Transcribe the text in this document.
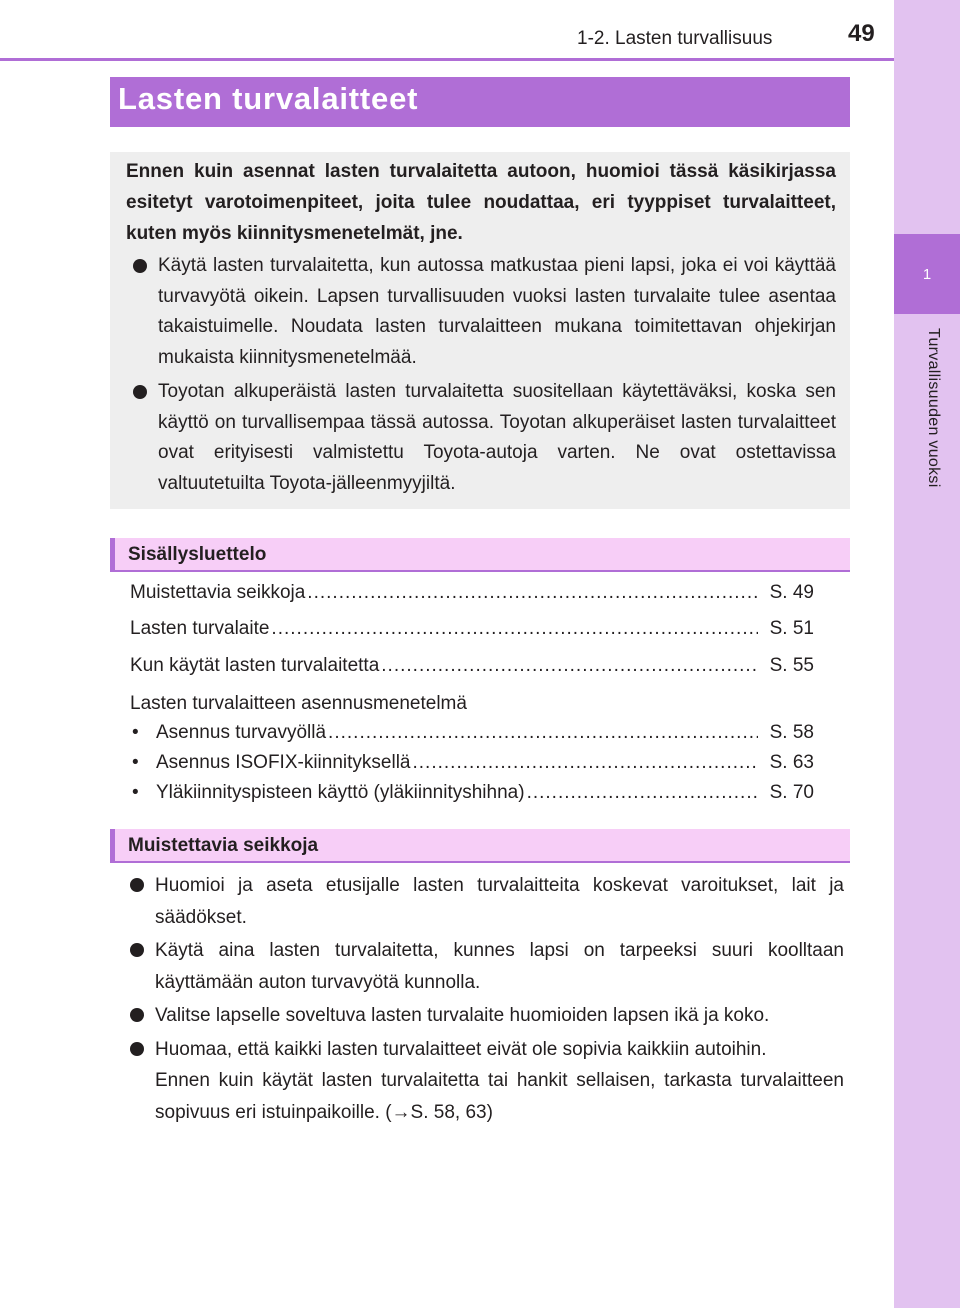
1
Turvallisuuden vuoksi
1-2. Lasten turvallisuus	49
Lasten turvalaitteet

Ennen kuin asennat lasten turvalaitetta autoon, huomioi tässä käsikirjassa esitetyt varotoimenpiteet, joita tulee noudattaa, eri tyyppiset turvalaitteet, kuten myös kiinnitysmenetelmät, jne.

Käytä lasten turvalaitetta, kun autossa matkustaa pieni lapsi, joka ei voi käyttää turvavyötä oikein. Lapsen turvallisuuden vuoksi lasten turvalaite tulee asentaa takaistuimelle. Noudata lasten turvalaitteen mukana toimitettavan ohjekirjan mukaista kiinnitysmenetelmää.
Toyotan alkuperäistä lasten turvalaitetta suositellaan käytettäväksi, koska sen käyttö on turvallisempaa tässä autossa. Toyotan alkuperäiset lasten turvalaitteet ovat erityisesti valmistettu Toyota-autoja varten. Ne ovat ostettavissa valtuutetuilta Toyota-jälleenmyyjiltä.
Sisällysluettelo
Muistettavia seikkoja .....	S. 49
Lasten turvalaite .....	S. 51
Kun käytät lasten turvalaitetta .....	S. 55
Lasten turvalaitteen asennusmenetelmä
• Asennus turvavyöllä .....	S. 58
• Asennus ISOFIX-kiinnityksellä .....	S. 63
• Yläkiinnityspisteen käyttö (yläkiinnityshihna) .....	S. 70
Muistettavia seikkoja
Huomioi ja aseta etusijalle lasten turvalaitteita koskevat varoitukset, lait ja säädökset.
Käytä aina lasten turvalaitetta, kunnes lapsi on tarpeeksi suuri koolltaan käyttämään auton turvavyötä kunnolla.
Valitse lapselle soveltuva lasten turvalaite huomioiden lapsen ikä ja koko.

Huomaa, että kaikki lasten turvalaitteet eivät ole sopivia kaikkiin autoihin.

Ennen kuin käytät lasten turvalaitetta tai hankit sellaisen, tarkasta turvalaitteen sopivuus eri istuinpaikoille. (→S. 58, 63)
